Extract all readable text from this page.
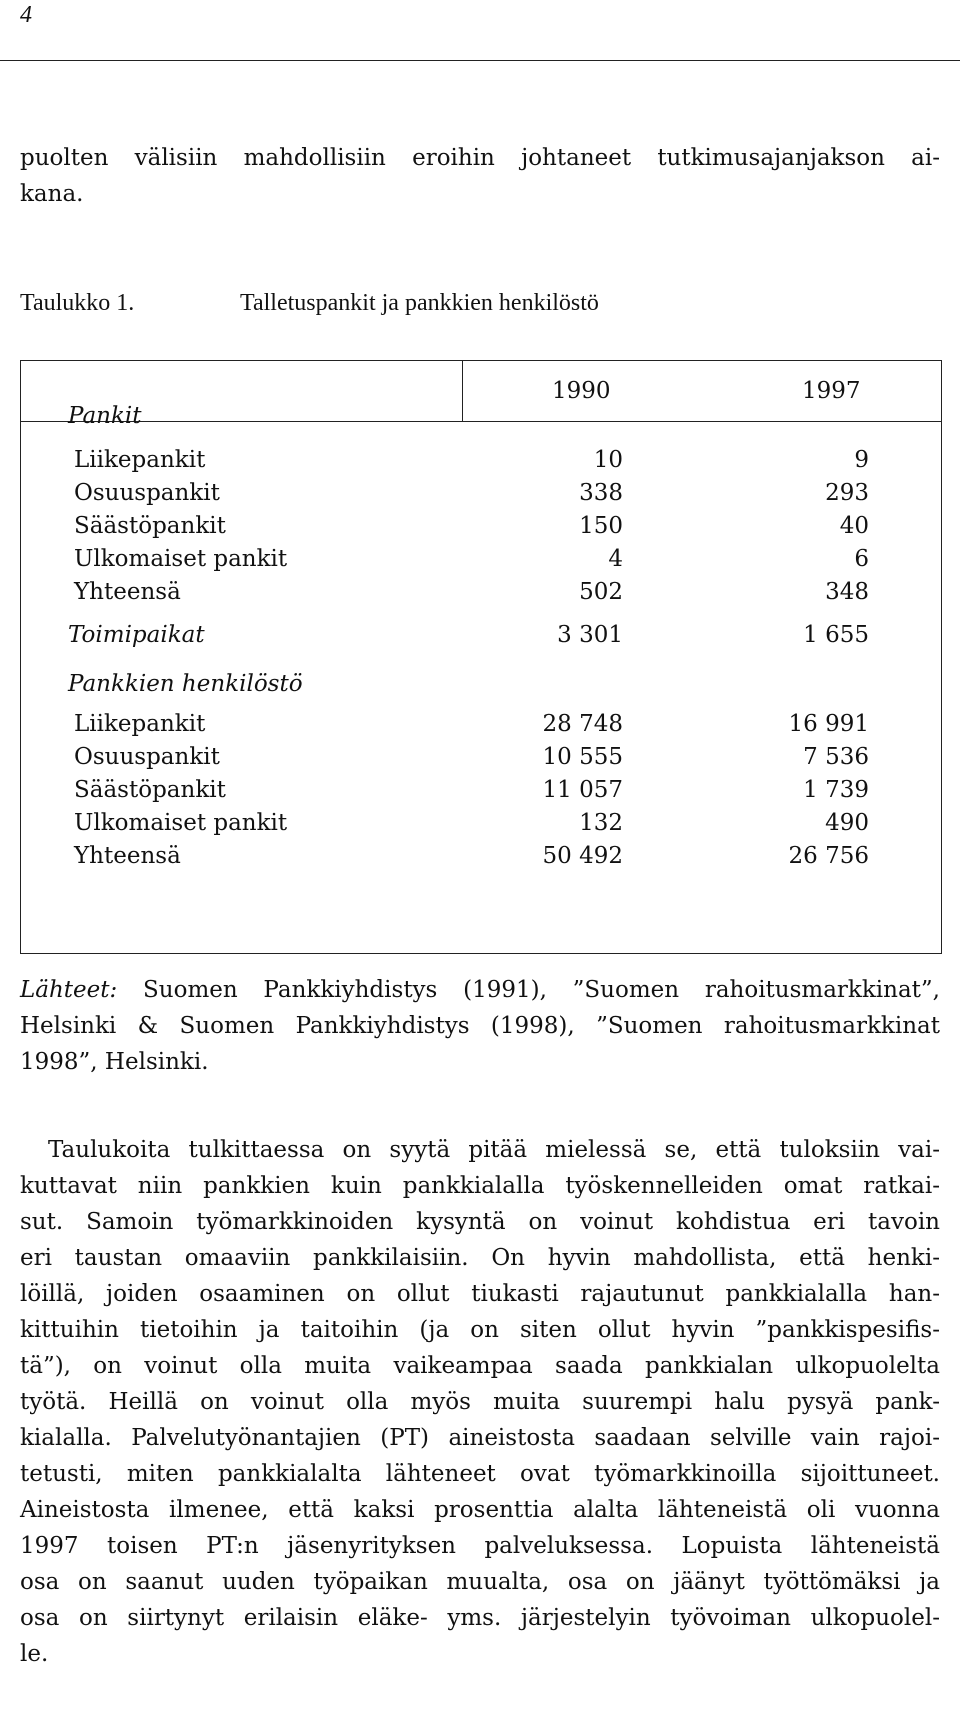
4
puolten välisiin mahdollisiin eroihin johtaneet tutkimusajanjakson ai-
kana.
Taulukko 1.	Talletuspankit ja pankkien henkilöstö
1990	1997
Pankit
Liikepankit	10	9
Osuuspankit	338	293
Säästöpankit	150	40
Ulkomaiset pankit	4	6
Yhteensä	502	348
Toimipaikat	3 301	1 655
Pankkien henkilöstö
Liikepankit	28 748	16 991
Osuuspankit	10 555	7 536
Säästöpankit	11 057	1 739
Ulkomaiset pankit	132	490
Yhteensä	50 492	26 756
Lähteet: Suomen Pankkiyhdistys (1991), ”Suomen rahoitusmarkkinat”,
Helsinki & Suomen Pankkiyhdistys (1998), ”Suomen rahoitusmarkkinat
1998”, Helsinki.
Taulukoita tulkittaessa on syytä pitää mielessä se, että tuloksiin vai-
kuttavat niin pankkien kuin pankkialalla työskennelleiden omat ratkai-
sut. Samoin työmarkkinoiden kysyntä on voinut kohdistua eri tavoin
eri taustan omaaviin pankkilaisiin. On hyvin mahdollista, että henki-
löillä, joiden osaaminen on ollut tiukasti rajautunut pankkialalla han-
kittuihin tietoihin ja taitoihin (ja on siten ollut hyvin ”pankkispesifis-
tä”), on voinut olla muita vaikeampaa saada pankkialan ulkopuolelta
työtä. Heillä on voinut olla myös muita suurempi halu pysyä pank-
kialalla. Palvelutyönantajien (PT) aineistosta saadaan selville vain rajoi-
tetusti, miten pankkialalta lähteneet ovat työmarkkinoilla sijoittuneet.
Aineistosta ilmenee, että kaksi prosenttia alalta lähteneistä oli vuonna
1997 toisen PT:n jäsenyrityksen palveluksessa. Lopuista lähteneistä
osa on saanut uuden työpaikan muualta, osa on jäänyt työttömäksi ja
osa on siirtynyt erilaisin eläke- yms. järjestelyin työvoiman ulkopuolel-
le.
